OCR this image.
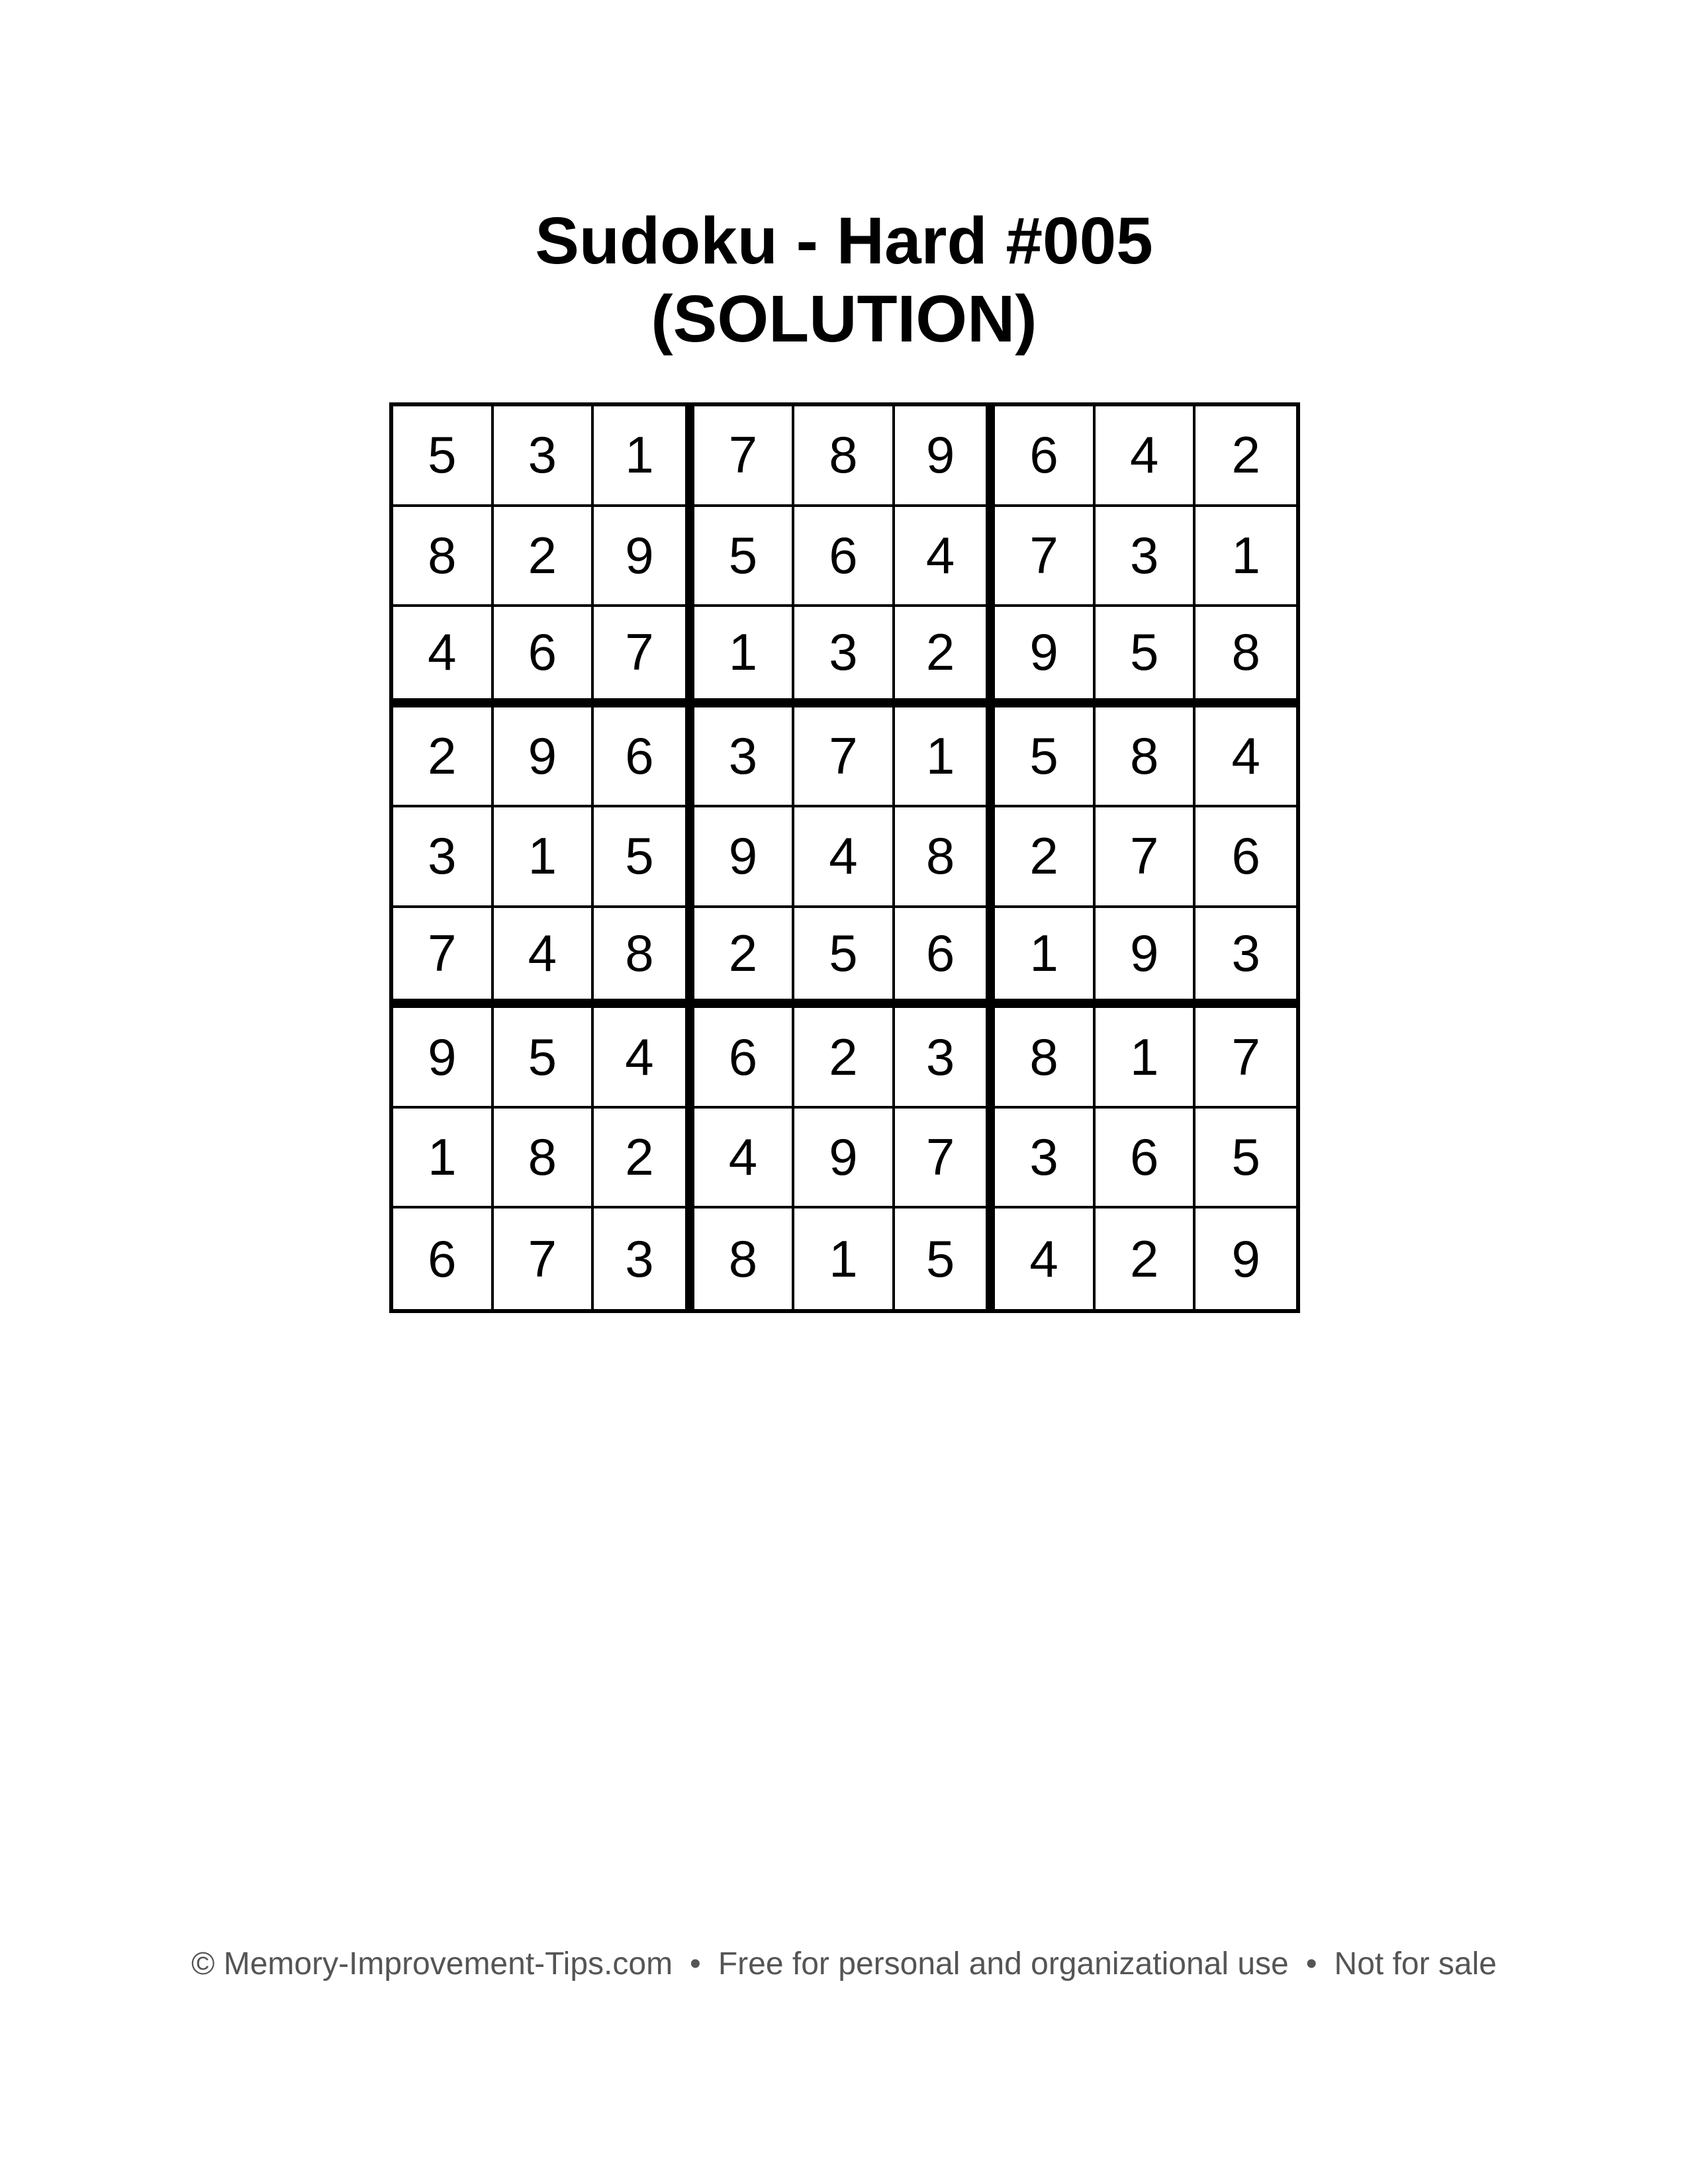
Sudoku - Hard #005
(SOLUTION)
5	3	1	7	8	9	6	4	2
8	2	9	5	6	4	7	3	1
4	6	7	1	3	2	9	5	8
2	9	6	3	7	1	5	8	4
3	1	5	9	4	8	2	7	6
7	4	8	2	5	6	1	9	3
9	5	4	6	2	3	8	1	7
1	8	2	4	9	7	3	6	5
6	7	3	8	1	5	4	2	9
© Memory-Improvement-Tips.com • Free for personal and organizational use • Not for sale
